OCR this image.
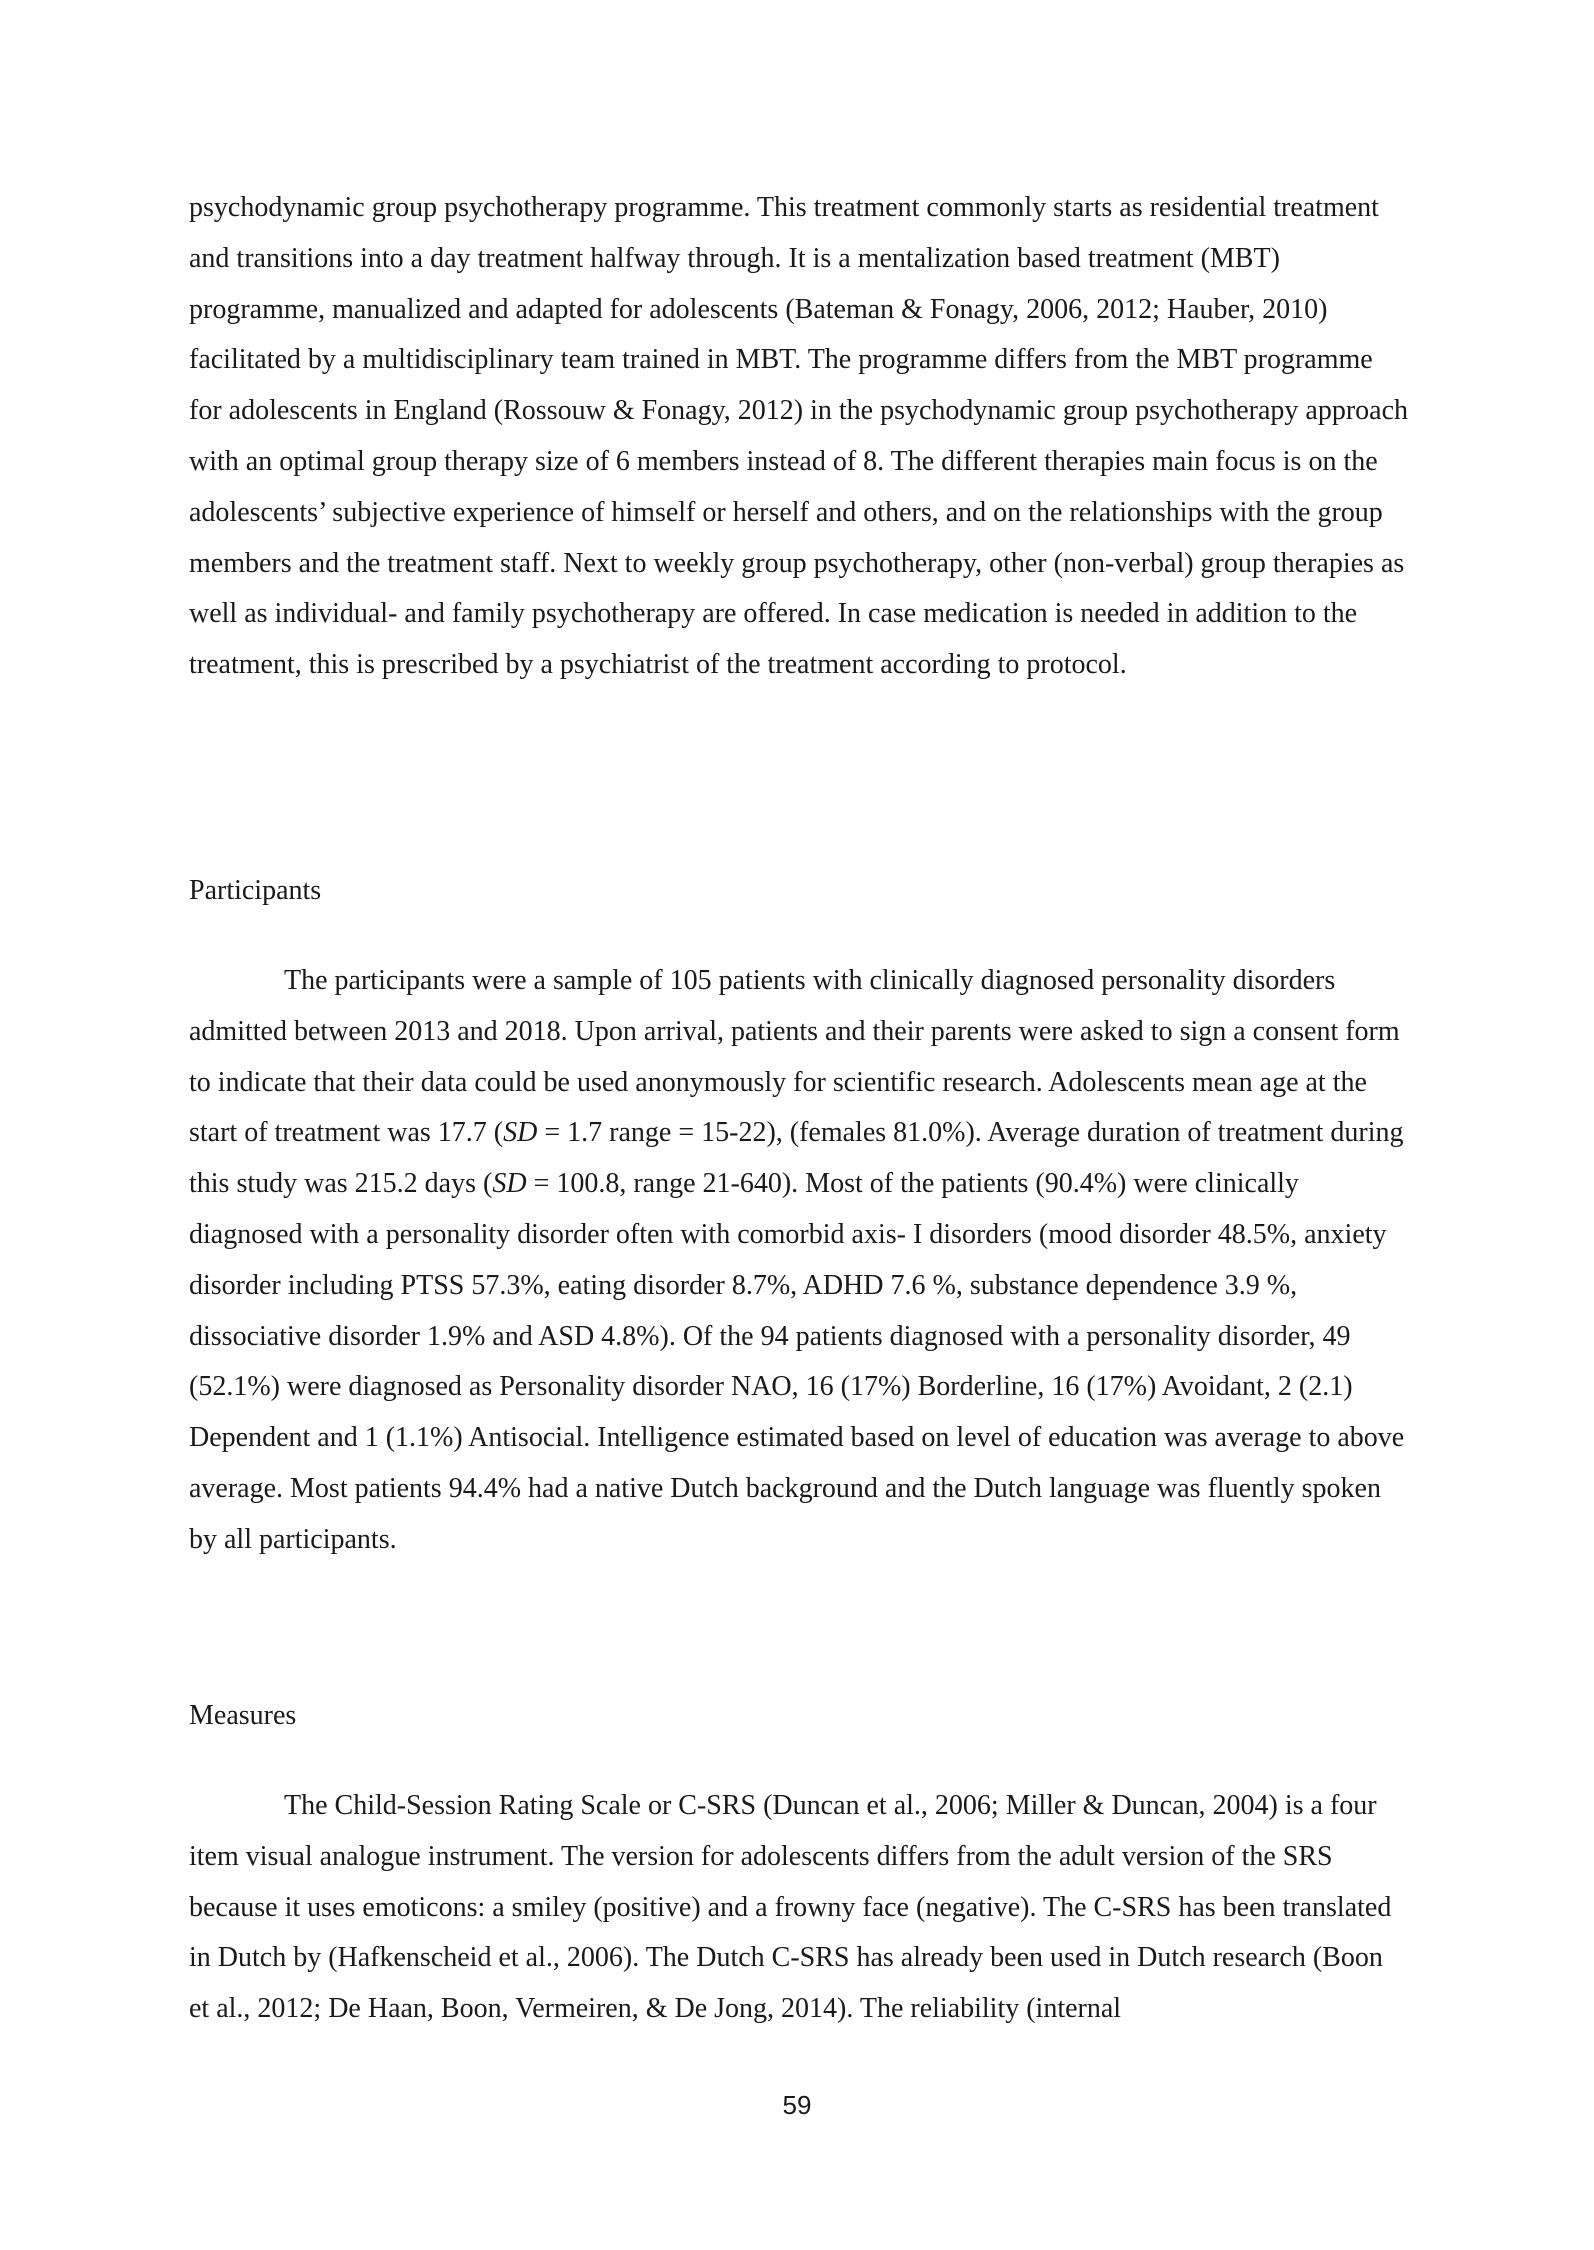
psychodynamic group psychotherapy programme. This treatment commonly starts as residential treatment and transitions into a day treatment halfway through. It is a mentalization based treatment (MBT) programme, manualized and adapted for adolescents (Bateman & Fonagy, 2006, 2012; Hauber, 2010) facilitated by a multidisciplinary team trained in MBT. The programme differs from the MBT programme for adolescents in England (Rossouw & Fonagy, 2012) in the psychodynamic group psychotherapy approach with an optimal group therapy size of 6 members instead of 8. The different therapies main focus is on the adolescents’ subjective experience of himself or herself and others, and on the relationships with the group members and the treatment staff. Next to weekly group psychotherapy, other (non-verbal) group therapies as well as individual- and family psychotherapy are offered. In case medication is needed in addition to the treatment, this is prescribed by a psychiatrist of the treatment according to protocol.

Participants

The participants were a sample of 105 patients with clinically diagnosed personality disorders admitted between 2013 and 2018. Upon arrival, patients and their parents were asked to sign a consent form to indicate that their data could be used anonymously for scientific research. Adolescents mean age at the start of treatment was 17.7 (SD = 1.7 range = 15-22), (females 81.0%). Average duration of treatment during this study was 215.2 days (SD = 100.8, range 21-640). Most of the patients (90.4%) were clinically diagnosed with a personality disorder often with comorbid axis- I disorders (mood disorder 48.5%, anxiety disorder including PTSS 57.3%, eating disorder 8.7%, ADHD 7.6 %, substance dependence 3.9 %, dissociative disorder 1.9% and ASD 4.8%). Of the 94 patients diagnosed with a personality disorder, 49 (52.1%) were diagnosed as Personality disorder NAO, 16 (17%) Borderline, 16 (17%) Avoidant, 2 (2.1) Dependent and 1 (1.1%) Antisocial. Intelligence estimated based on level of education was average to above average. Most patients 94.4% had a native Dutch background and the Dutch language was fluently spoken by all participants.

Measures

The Child-Session Rating Scale or C-SRS (Duncan et al., 2006; Miller & Duncan, 2004) is a four item visual analogue instrument. The version for adolescents differs from the adult version of the SRS because it uses emoticons: a smiley (positive) and a frowny face (negative). The C-SRS has been translated in Dutch by (Hafkenscheid et al., 2006). The Dutch C-SRS has already been used in Dutch research (Boon et al., 2012; De Haan, Boon, Vermeiren, & De Jong, 2014). The reliability (internal

59
